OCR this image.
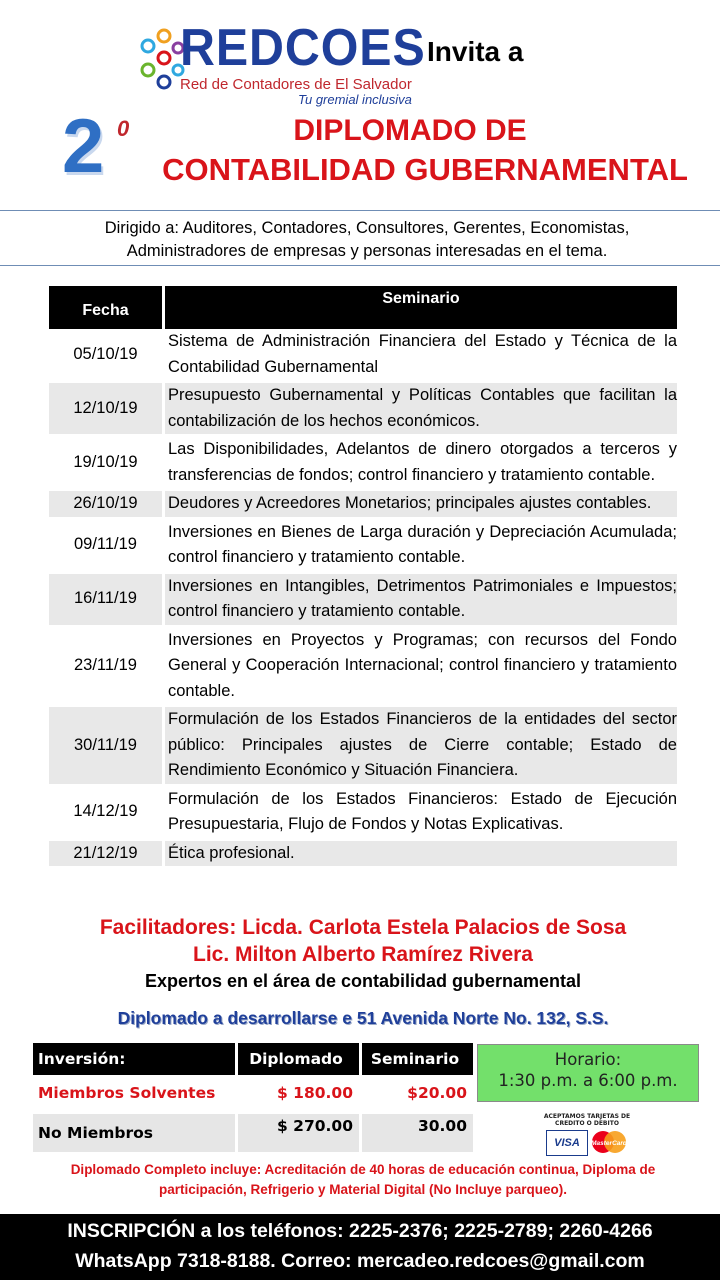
REDCOES
Red de Contadores de El Salvador
Tu gremial inclusiva
Invita a
2 0	DIPLOMADO DE
CONTABILIDAD GUBERNAMENTAL
Dirigido a: Auditores, Contadores, Consultores, Gerentes, Economistas,
Administradores de empresas y personas interesadas en el tema.
Fecha	Seminario
05/10/19	Sistema de Administración Financiera del Estado y Técnica de la Contabilidad Gubernamental
12/10/19	Presupuesto Gubernamental y Políticas Contables que facilitan la contabilización de los hechos económicos.
19/10/19	Las Disponibilidades, Adelantos de dinero otorgados a terceros y transferencias de fondos; control financiero y tratamiento contable.
26/10/19	Deudores y Acreedores Monetarios; principales ajustes contables.
09/11/19	Inversiones en Bienes de Larga duración y Depreciación Acumulada; control financiero y tratamiento contable.
16/11/19	Inversiones en Intangibles, Detrimentos Patrimoniales e Impuestos; control financiero y tratamiento contable.
23/11/19	Inversiones en Proyectos y Programas; con recursos del Fondo General y Cooperación Internacional; control financiero y tratamiento contable.
30/11/19	Formulación de los Estados Financieros de la entidades del sector público: Principales ajustes de Cierre contable; Estado de Rendimiento Económico y Situación Financiera.
14/12/19	Formulación de los Estados Financieros: Estado de Ejecución Presupuestaria, Flujo de Fondos y Notas Explicativas.
21/12/19	Ética profesional.
Facilitadores: Licda. Carlota Estela Palacios de Sosa
Lic. Milton Alberto Ramírez Rivera
Expertos en el área de contabilidad gubernamental
Diplomado a desarrollarse e 51 Avenida Norte No. 132, S.S.
Inversión:	Diplomado	Seminario
Miembros Solventes	$ 180.00	$20.00
No Miembros	$ 270.00	30.00
Horario:
1:30 p.m. a 6:00 p.m.
ACEPTAMOS TARJETAS DE CREDITO O DEBITO
VISA	MasterCard
Diplomado Completo incluye: Acreditación de 40 horas de educación continua, Diploma de
participación, Refrigerio y Material Digital (No Incluye parqueo).
INSCRIPCIÓN a los teléfonos: 2225-2376; 2225-2789; 2260-4266
WhatsApp 7318-8188. Correo: mercadeo.redcoes@gmail.com
